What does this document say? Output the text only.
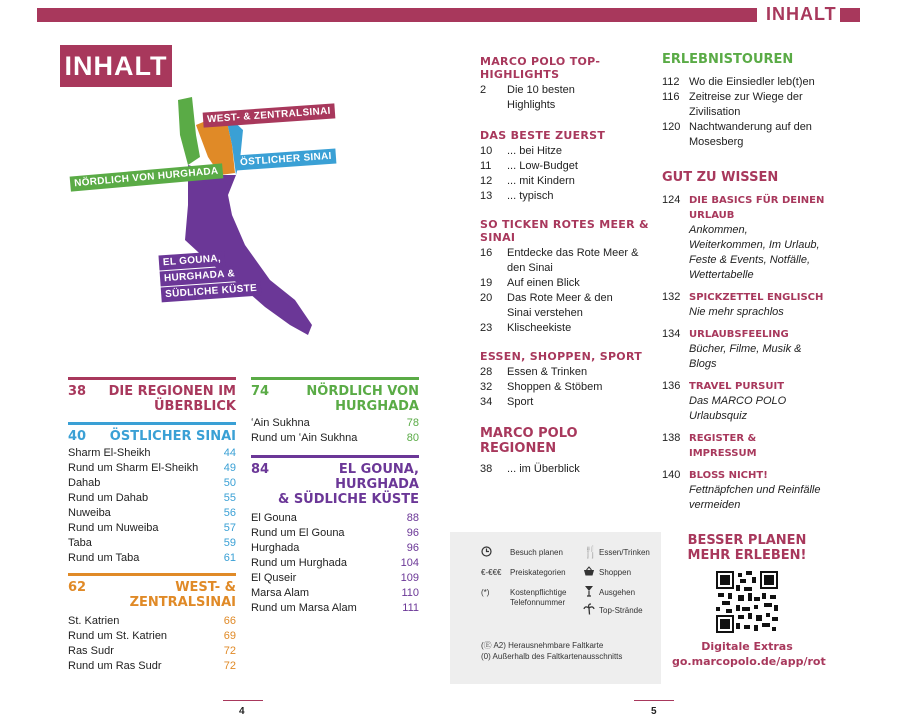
INHALT
INHALT
WEST- & ZENTRALSINAI
NÖRDLICH VON HURGHADA
ÖSTLICHER SINAI
EL GOUNA,
HURGHADA &
SÜDLICHE KÜSTE
38 DIE REGIONEN IM
ÜBERBLICK
40 ÖSTLICHER SINAI
Sharm El-Sheikh	44
Rund um Sharm El-Sheikh 49
Dahab	50
Rund um Dahab	55
Nuweiba	56
Rund um Nuweiba	57
Taba	59
Rund um Taba	61
62	WEST- &
ZENTRALSINAI
St. Katrien	66
Rund um St. Katrien	69
Ras Sudr	72
Rund um Ras Sudr	72
74	NÖRDLICH VON
HURGHADA
ʻAin Sukhna	78
Rund um ʻAin Sukhna	80
84	EL GOUNA, HURGHADA
& SÜDLICHE KÜSTE
El Gouna	88
Rund um El Gouna	96
Hurghada	96
Rund um Hurghada	104
El Quseir	109
Marsa Alam	110
Rund um Marsa Alam	111
MARCO POLO TOP-HIGHLIGHTS
2	Die 10 besten Highlights
DAS BESTE ZUERST
10	... bei Hitze
11	... Low-Budget
12	... mit Kindern
13	... typisch
SO TICKEN ROTES MEER & SINAI
16	Entdecke das Rote Meer & den Sinai
19	Auf einen Blick
20	Das Rote Meer & den Sinai verstehen
23	Klischeekiste
ESSEN, SHOPPEN, SPORT
28	Essen & Trinken
32	Shoppen & Stöbem
34	Sport
MARCO POLO REGIONEN
38	... im Überblick
ERLEBNISTOUREN
112 Wo die Einsiedler leb(t)en
116 Zeitreise zur Wiege der Zivilisation
120 Nachtwanderung auf den Mosesberg
GUT ZU WISSEN
124 DIE BASICS FÜR DEINEN URLAUB
Ankommen, Weiterkommen, Im Urlaub, Feste & Events, Notfälle, Wettertabelle
132 SPICKZETTEL ENGLISCH
Nie mehr sprachlos
134 URLAUBSFEELING
Bücher, Filme, Musik & Blogs
136 TRAVEL PURSUIT
Das MARCO POLO Urlaubsquiz
138 REGISTER & IMPRESSUM
140 BLOSS NICHT!
Fettnäpfchen und Reinfälle vermeiden
Besuch planen
€-€€€ Preiskategorien
(*)	Kostenpflichtige Telefonnummer
🍴 Essen/Trinken
Shoppen
Ausgehen
Top-Strände
(Ⓔ A2) Herausnehmbare Faltkarte
(0) Außerhalb des Faltkartenausschnitts
BESSER PLANEN
MEHR ERLEBEN!
Digitale Extras
go.marcopolo.de/app/rot
4	5
